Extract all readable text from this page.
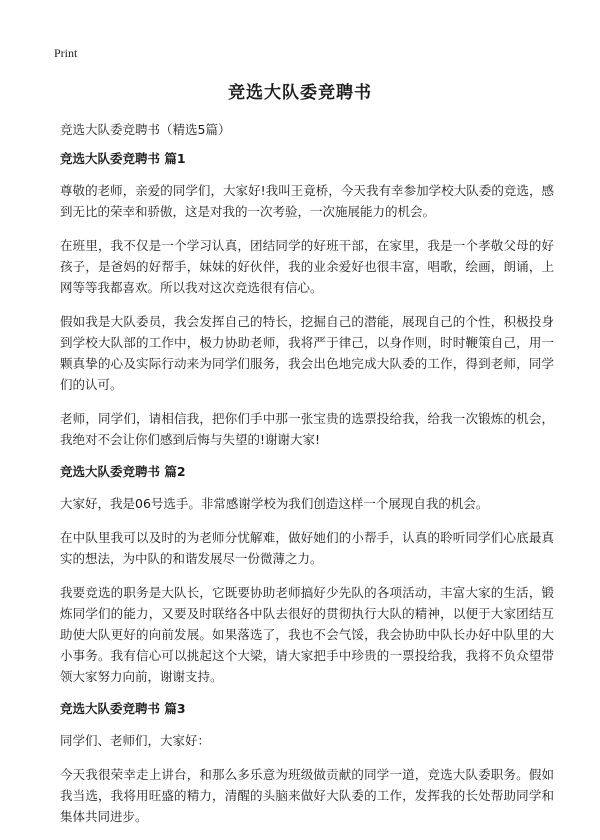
Print
竞选大队委竞聘书

竞选大队委竞聘书（精选5篇）

竞选大队委竞聘书 篇1

尊敬的老师，亲爱的同学们，大家好!我叫王竟桥，今天我有幸参加学校大队委的竞选，感到无比的荣幸和骄傲，这是对我的一次考验，一次施展能力的机会。

在班里，我不仅是一个学习认真，团结同学的好班干部，在家里，我是一个孝敬父母的好孩子，是爸妈的好帮手，妹妹的好伙伴，我的业余爱好也很丰富，唱歌，绘画，朗诵，上网等等我都喜欢。所以我对这次竞选很有信心。

假如我是大队委员，我会发挥自己的特长，挖掘自己的潜能，展现自己的个性，积极投身到学校大队部的工作中，极力协助老师，我将严于律己，以身作则，时时鞭策自己，用一颗真挚的心及实际行动来为同学们服务，我会出色地完成大队委的工作，得到老师，同学们的认可。

老师，同学们，请相信我，把你们手中那一张宝贵的选票投给我，给我一次锻炼的机会，我绝对不会让你们感到后悔与失望的!谢谢大家!

竞选大队委竞聘书 篇2

大家好，我是06号选手。非常感谢学校为我们创造这样一个展现自我的机会。

在中队里我可以及时的为老师分忧解难，做好她们的小帮手，认真的聆听同学们心底最真实的想法，为中队的和谐发展尽一份微薄之力。

我要竞选的职务是大队长，它既要协助老师搞好少先队的各项活动，丰富大家的生活，锻炼同学们的能力，又要及时联络各中队去很好的贯彻执行大队的精神，以便于大家团结互助使大队更好的向前发展。如果落选了，我也不会气馁，我会协助中队长办好中队里的大小事务。我有信心可以挑起这个大梁，请大家把手中珍贵的一票投给我，我将不负众望带领大家努力向前，谢谢支持。

竞选大队委竞聘书 篇3

同学们、老师们，大家好：

今天我很荣幸走上讲台，和那么多乐意为班级做贡献的同学一道，竞选大队委职务。假如我当选，我将用旺盛的精力，清醒的头脑来做好大队委的工作，发挥我的长处帮助同学和集体共同进步。
